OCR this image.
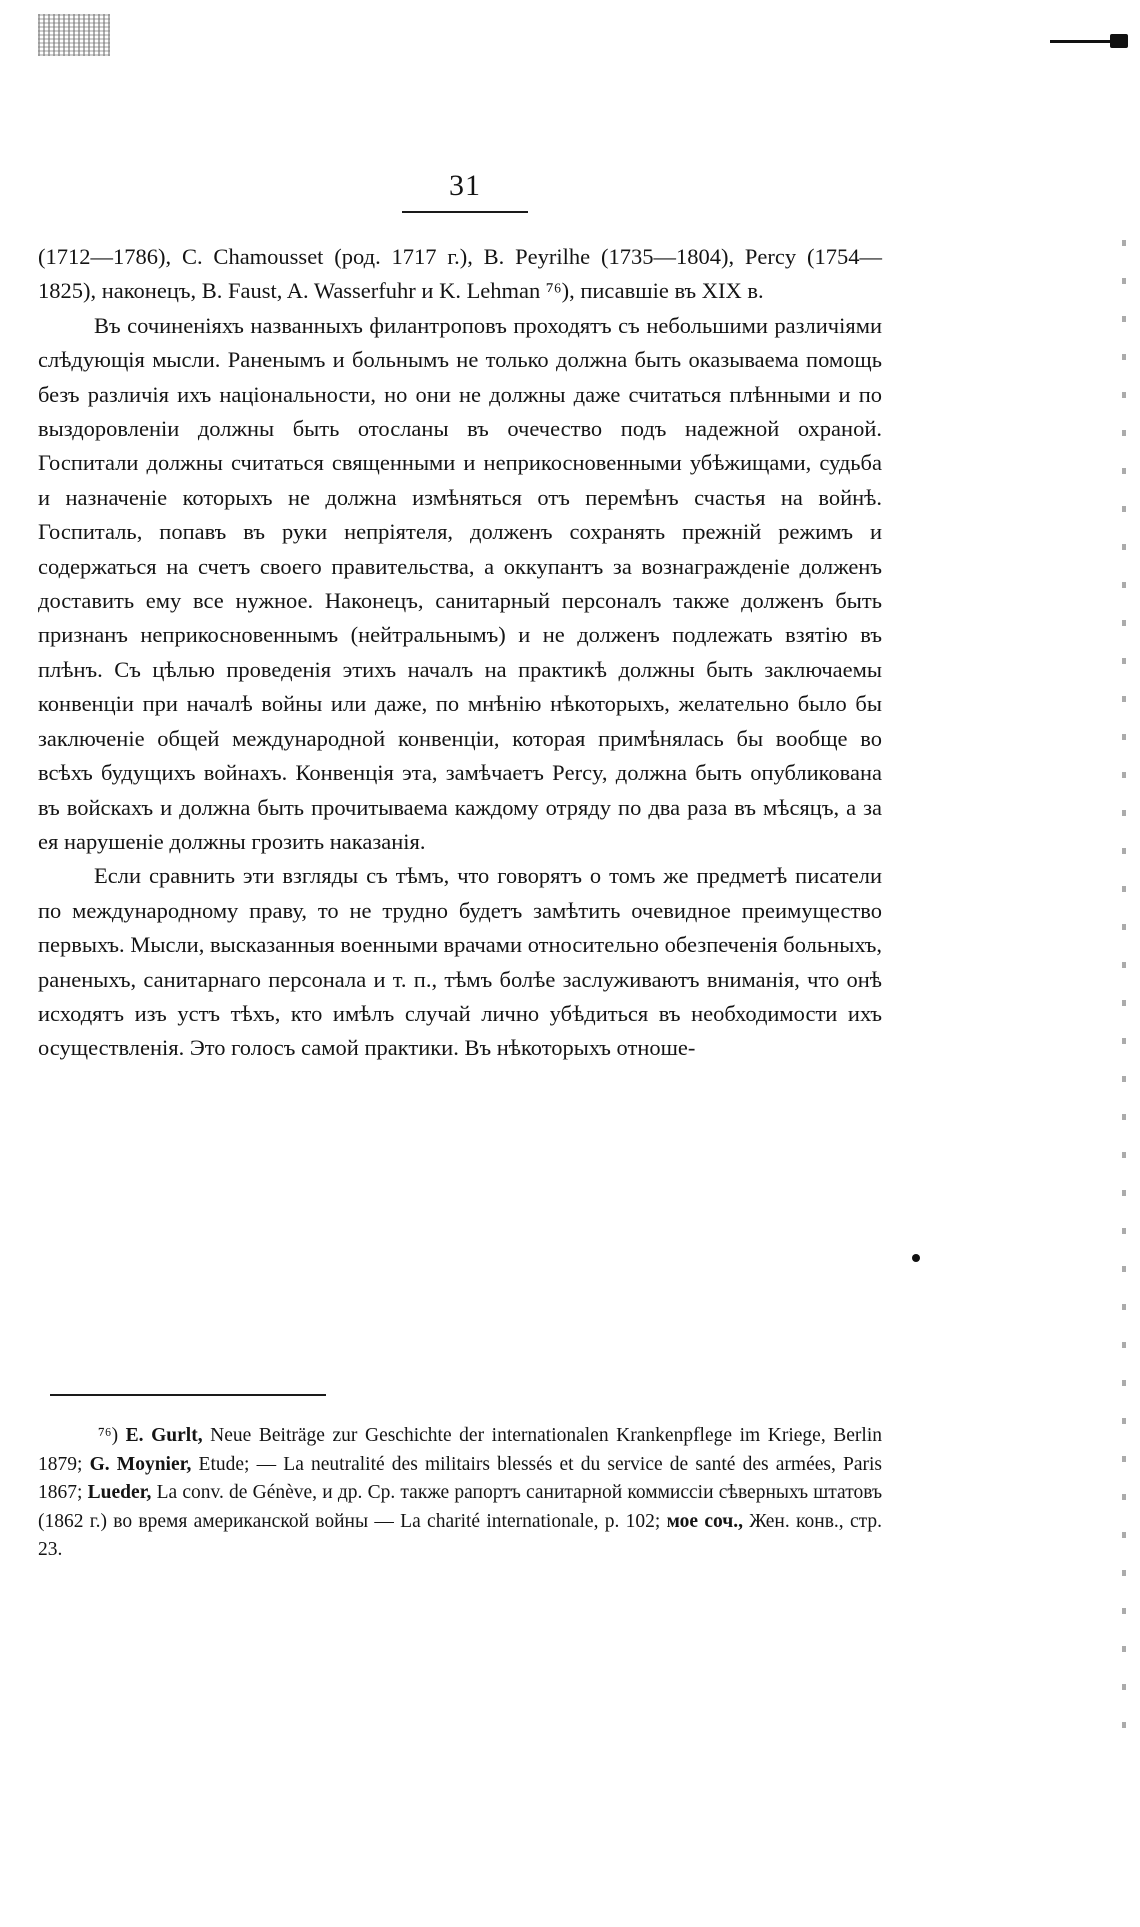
31

(1712—1786), C. Chamousset (род. 1717 г.), B. Peyrilhe (1735—1804), Percy (1754—1825), наконецъ, B. Faust, A. Wasserfuhr и K. Lehman ⁷⁶), писавшіе въ XIX в.

Въ сочиненіяхъ названныхъ филантроповъ проходятъ съ небольшими различіями слѣдующія мысли. Раненымъ и больнымъ не только должна быть оказываема помощь безъ различія ихъ національности, но они не должны даже считаться плѣнными и по выздоровленіи должны быть отосланы въ очечество подъ надежной охраной. Госпитали должны считаться священными и неприкосновенными убѣжищами, судьба и назначеніе которыхъ не должна измѣняться отъ перемѣнъ счастья на войнѣ. Госпиталь, попавъ въ руки непріятеля, долженъ сохранять прежній режимъ и содержаться на счетъ своего правительства, а оккупантъ за вознагражденіе долженъ доставить ему все нужное. Наконецъ, санитарный персоналъ также долженъ быть признанъ неприкосновеннымъ (нейтральнымъ) и не долженъ подлежать взятію въ плѣнъ. Съ цѣлью проведенія этихъ началъ на практикѣ должны быть заключаемы конвенціи при началѣ войны или даже, по мнѣнію нѣкоторыхъ, желательно было бы заключеніе общей международной конвенціи, которая примѣнялась бы вообще во всѣхъ будущихъ войнахъ. Конвенція эта, замѣчаетъ Percy, должна быть опубликована въ войскахъ и должна быть прочитываема каждому отряду по два раза въ мѣсяцъ, а за ея нарушеніе должны грозить наказанія.

Если сравнить эти взгляды съ тѣмъ, что говорятъ о томъ же предметѣ писатели по международному праву, то не трудно будетъ замѣтить очевидное преимущество первыхъ. Мысли, высказанныя военными врачами относительно обезпеченія больныхъ, раненыхъ, санитарнаго персонала и т. п., тѣмъ болѣе заслуживаютъ вниманія, что онѣ исходятъ изъ устъ тѣхъ, кто имѣлъ случай лично убѣдиться въ необходимости ихъ осуществленія. Это голосъ самой практики. Въ нѣкоторыхъ отноше-

⁷⁶) E. Gurlt, Neue Beiträge zur Geschichte der internationalen Krankenpflege im Kriege, Berlin 1879; G. Moynier, Etude; — La neutralité des militairs blessés et du service de santé des armées, Paris 1867; Lueder, La conv. de Génève, и др. Ср. также рапортъ санитарной коммиссіи сѣверныхъ штатовъ (1862 г.) во время американской войны — La charité internationale, p. 102; мое соч., Жен. конв., стр. 23.
